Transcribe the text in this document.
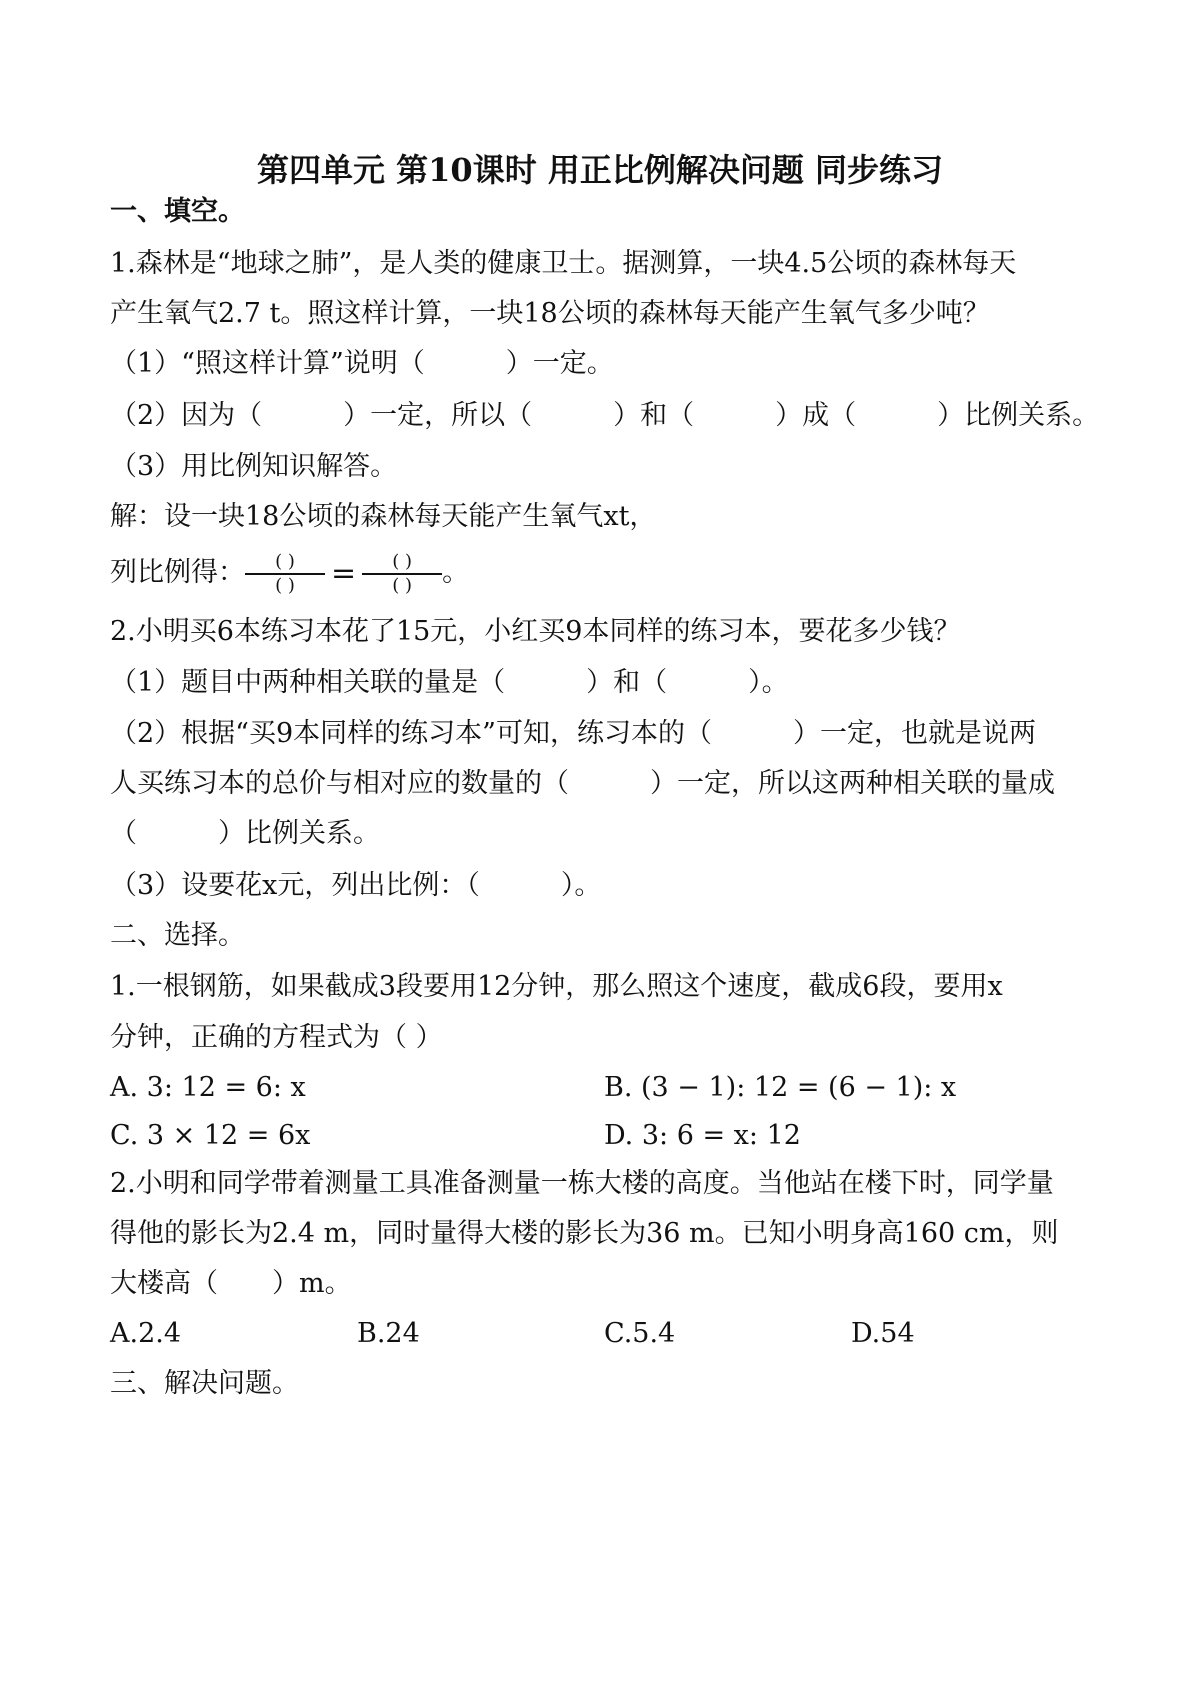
第四单元 第10课时 用正比例解决问题 同步练习
一、填空。
1.森林是“地球之肺”，是人类的健康卫士。据测算，一块4.5公顷的森林每天
产生氧气2.7 t。照这样计算，一块18公顷的森林每天能产生氧气多少吨？
（1）“照这样计算”说明（　　　）一定。
（2）因为（　　　）一定，所以（　　　）和（　　　）成（　　　）比例关系。
（3）用比例知识解答。
解：设一块18公顷的森林每天能产生氧气xt，
列比例得： $\frac{( )}{( )} = \frac{( )}{( )}$ 。
2.小明买6本练习本花了15元，小红买9本同样的练习本，要花多少钱？
（1）题目中两种相关联的量是（　　　）和（　　　）。
（2）根据“买9本同样的练习本”可知，练习本的（　　　）一定，也就是说两
人买练习本的总价与相对应的数量的（　　　）一定，所以这两种相关联的量成
（　　　）比例关系。
（3）设要花x元，列出比例：（　　　）。
二、选择。
1.一根钢筋，如果截成3段要用12分钟，那么照这个速度，截成6段，要用x
分钟，正确的方程式为（ ）
A. 3: 12 = 6: x	B. (3 − 1): 12 = (6 − 1): x
C. 3 × 12 = 6x	D. 3: 6 = x: 12
2.小明和同学带着测量工具准备测量一栋大楼的高度。当他站在楼下时，同学量
得他的影长为2.4 m，同时量得大楼的影长为36 m。已知小明身高160 cm，则
大楼高（　　）m。
A.2.4	B.24	C.5.4	D.54
三、解决问题。
